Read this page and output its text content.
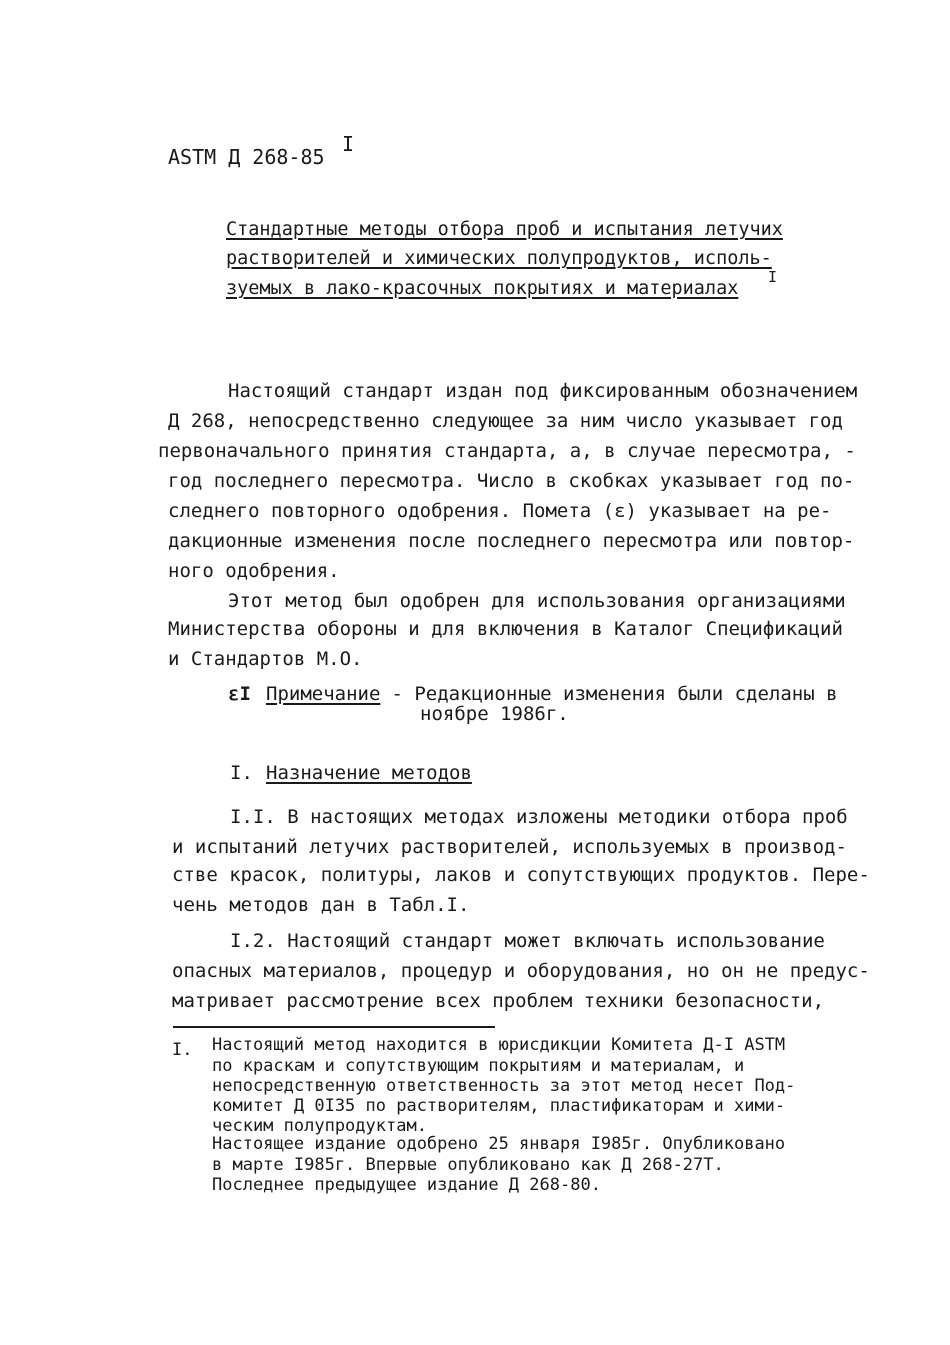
ASTM Д 268-85
I
Стандартные методы отбора проб и испытания летучих
растворителей и химических полупродуктов, исполь-
зуемых в лако-красочных покрытиях и материалах
I
Настоящий стандарт издан под фиксированным обозначением
Д 268, непосредственно следующее за ним число указывает год
первоначального принятия стандарта, а, в случае пересмотра, -
год последнего пересмотра. Число в скобках указывает год по-
следнего повторного одобрения. Помета (ε) указывает на ре-
дакционные изменения после последнего пересмотра или повтор-
ного одобрения.
Этот метод был одобрен для использования организациями
Министерства обороны и для включения в Каталог Спецификаций
и Стандартов М.О.
εI Примечание - Редакционные изменения были сделаны в
ноябре 1986г.
I. Назначение методов
I.I. В настоящих методах изложены методики отбора проб
и испытаний летучих растворителей, используемых в производ-
стве красок, политуры, лаков и сопутствующих продуктов. Пере-
чень методов дан в Табл.I.
I.2. Настоящий стандарт может включать использование
опасных материалов, процедур и оборудования, но он не предус-
матривает рассмотрение всех проблем техники безопасности,
I. Настоящий метод находится в юрисдикции Комитета Д-I ASTM
по краскам и сопутствующим покрытиям и материалам, и
непосредственную ответственность за этот метод несет Под-
комитет Д 0I35 по растворителям, пластификаторам и хими-
ческим полупродуктам.
Настоящее издание одобрено 25 января I985г. Опубликовано
в марте I985г. Впервые опубликовано как Д 268-27Т.
Последнее предыдущее издание Д 268-80.
